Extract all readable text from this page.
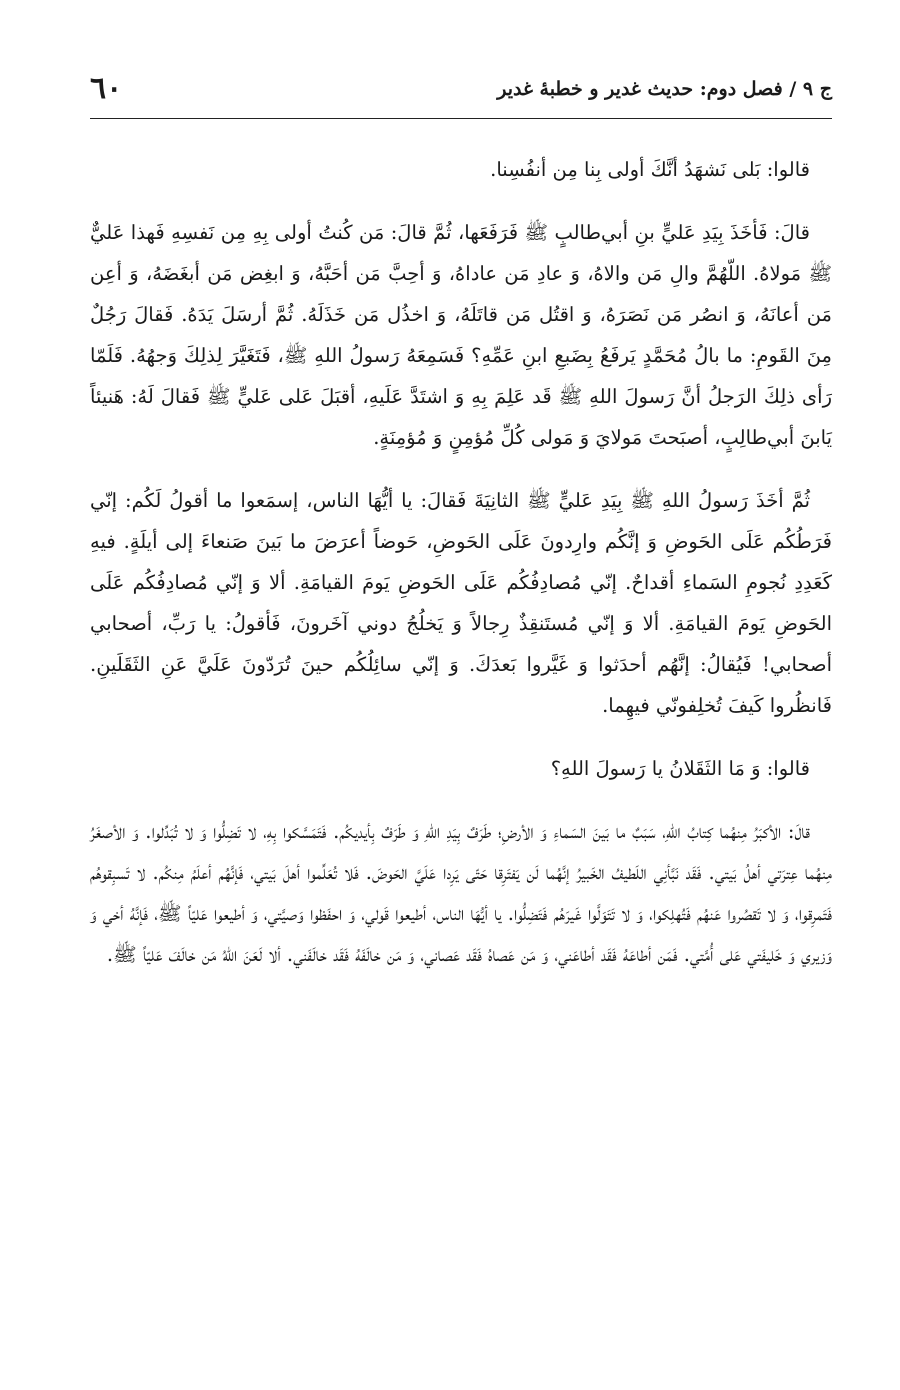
ج ۹ / فصل دوم: حدیث غدیر و خطبهٔ غدیر
٦٠

قالوا: بَلى نَشهَدُ أنَّكَ أولى بِنا مِن أنفُسِنا.

قالَ: فَأخَذَ بِيَدِ عَليٍّ بنِ أبي‌طالبٍ ﷺ فَرَفَعَها، ثُمَّ قالَ: مَن كُنتُ أولى بِهِ مِن نَفسِهِ فَهذا عَليٌّ ﷺ مَولاهُ. اللّهُمَّ والِ مَن والاهُ، وَ عادِ مَن عاداهُ، وَ أحِبَّ مَن أحَبَّهُ، وَ ابغِض مَن أبغَضَهُ، وَ أعِن مَن أعانَهُ، وَ انصُر مَن نَصَرَهُ، وَ اقتُل مَن قاتَلَهُ، وَ اخذُل مَن خَذَلَهُ. ثُمَّ أرسَلَ يَدَهُ. فَقالَ رَجُلٌ مِنَ القَومِ: ما بالُ مُحَمَّدٍ يَرفَعُ بِضَبعِ ابنِ عَمِّهِ؟ فَسَمِعَهُ رَسولُ اللهِ ﷺ، فَتَغَيَّرَ لِذلِكَ وَجهُهُ. فَلَمّا رَأى ذلِكَ الرَجلُ أنَّ رَسولَ اللهِ ﷺ قَد عَلِمَ بِهِ وَ اشتَدَّ عَلَيهِ، أقبَلَ عَلى عَليٍّ ﷺ فَقالَ لَهُ: هَنيئاً يَابنَ أبي‌طالِبٍ، أصبَحتَ مَولايَ وَ مَولى كُلِّ مُؤمِنٍ وَ مُؤمِنَةٍ.

ثُمَّ أخَذَ رَسولُ اللهِ ﷺ بِيَدِ عَليٍّ ﷺ الثانِيَةَ فَقالَ: يا أيُّهَا الناس، إسمَعوا ما أقولُ لَكُم: إنّي فَرَطُكُم عَلَى الحَوضِ وَ إنَّكُم وارِدونَ عَلَى الحَوضِ، حَوضاً أعرَضَ ما بَينَ صَنعاءَ إلى أيلَةٍ. فيهِ كَعَدِدِ نُجومِ السَماءِ أقداحٌ. إنّي مُصادِفُكُم عَلَى الحَوضِ يَومَ القيامَةِ. ألا وَ إنّي مُصادِفُكُم عَلَى الحَوضِ يَومَ القيامَةِ. ألا وَ إنّي مُستَنقِذٌ رِجالاً وَ يَخلُجُ دوني آخَرونَ، فَأقولُ: يا رَبِّ، أصحابي أصحابي! فَيُقالُ: إنَّهُم أحدَثوا وَ غَيَّروا بَعدَكَ. وَ إنّي سائِلُكُم حينَ تُرَدّونَ عَلَيَّ عَنِ الثَقَلَينِ. فَانظُروا كَيفَ تُخلِفونّي فيهِما.

قالوا: وَ مَا الثَقَلانُ يا رَسولَ اللهِ؟

قالَ: الأكبَرُ مِنهُما كِتابُ اللهِ، سَبَبٌ ما بَينَ السَماءِ وَ الأرضِ؛ طَرَفٌ بِيَدِ اللهِ وَ طَرَفٌ بِأيديكُم. فَتَمَسَّكوا بِهِ، لا تَضِلُّوا وَ لا تُبَدِّلوا. وَ الأصغَرُ مِنهُما عِترَتي أهلُ بَيتي. فَقَد نَبَّأنِي اللَطيفُ الخَبيرُ إنَّهُما لَن يَفتَرِقا حَتّى يَرِدا عَلَيَّ الحَوضَ. فَلا تُعَلِّموا أهلَ بَيتي، فَإنَّهُم أعلَمُ مِنكُم. لا تَسبِقوهُم فَتَمرِقوا، وَ لا تَقصُروا عَنهُم فَتُهلِكوا، وَ لا تَتَوَلَّوا غَيرَهُم فَتَضِلُّوا. يا أيُّهَا الناس، أطيعوا قَولي، وَ احفَظوا وَصيَّتي، وَ أطيعوا عَليّاً ﷺ، فَإنَّهُ أخي وَ وَزيري وَ خَليفَتي عَلى أُمَّتي. فَمَن أطاعَهُ فَقَد أطاعَني، وَ مَن عَصاهُ فَقَد عَصاني، وَ مَن خالَفَهُ فَقَد خالَفَني. ألا لَعَنَ اللهُ مَن خالَفَ عَليّاً ﷺ.
